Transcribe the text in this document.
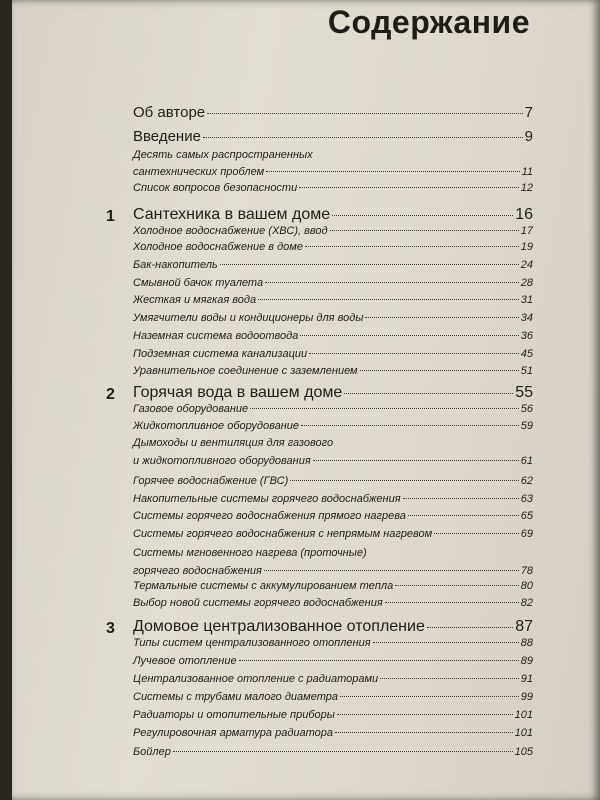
Содержание
Об авторе	7
Введение	9
Десять самых распространенных
сантехнических проблем	11
Список вопросов безопасности	12
1 Сантехника в вашем доме	16
Холодное водоснабжение (ХВС), ввод	17
Холодное водоснабжение в доме	19
Бак-накопитель	24
Смывной бачок туалета	28
Жесткая и мягкая вода	31
Умягчители воды и кондиционеры для воды	34
Наземная система водоотвода	36
Подземная система канализации	45
Уравнительное соединение с заземлением	51
2 Горячая вода в вашем доме	55
Газовое оборудование	56
Жидкотопливное оборудование	59
Дымоходы и вентиляция для газового
и жидкотопливного оборудования	61
Горячее водоснабжение (ГВС)	62
Накопительные системы горячего водоснабжения	63
Системы горячего водоснабжения прямого нагрева	65
Системы горячего водоснабжения с непрямым нагревом	69
Системы мгновенного нагрева (проточные)
горячего водоснабжения	78
Термальные системы с аккумулированием тепла	80
Выбор новой системы горячего водоснабжения	82
3 Домовое централизованное отопление	87
Типы систем централизованного отопления	88
Лучевое отопление	89
Централизованное отопление с радиаторами	91
Системы с трубами малого диаметра	99
Радиаторы и отопительные приборы	101
Регулировочная арматура радиатора	101
Бойлер	105
